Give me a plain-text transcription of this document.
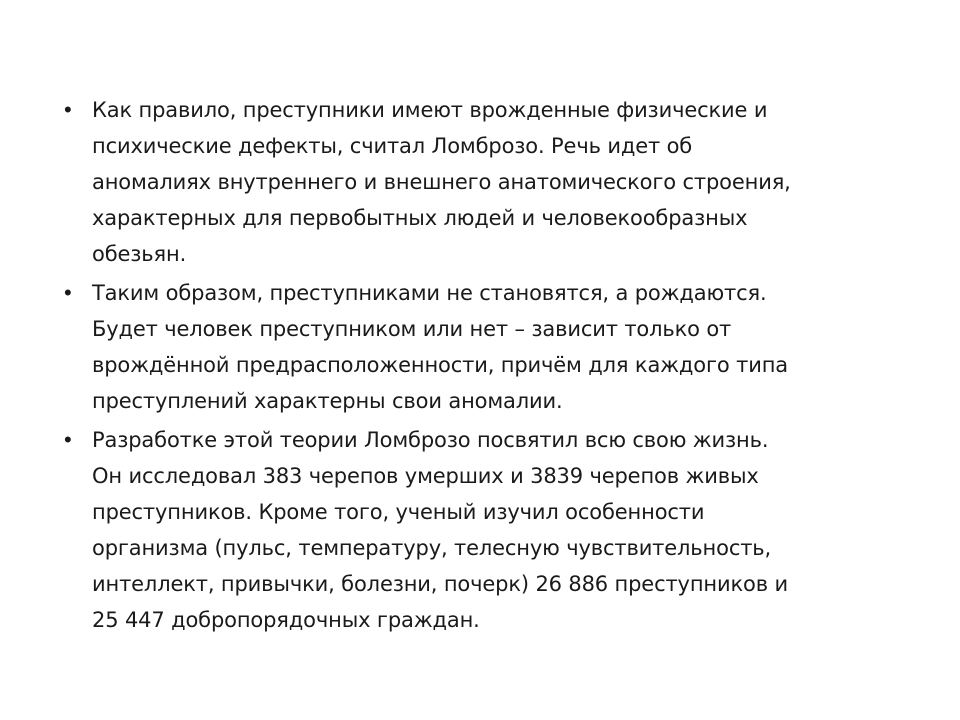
• Как правило, преступники имеют врожденные физические и
психические дефекты, считал Ломброзо. Речь идет об
аномалиях внутреннего и внешнего анатомического строения,
характерных для первобытных людей и человекообразных
обезьян.
• Таким образом, преступниками не становятся, а рождаются.
Будет человек преступником или нет – зависит только от
врождённой предрасположенности, причём для каждого типа
преступлений характерны свои аномалии.
• Разработке этой теории Ломброзо посвятил всю свою жизнь.
Он исследовал 383 черепов умерших и 3839 черепов живых
преступников. Кроме того, ученый изучил особенности
организма (пульс, температуру, телесную чувствительность,
интеллект, привычки, болезни, почерк) 26 886 преступников и
25 447 добропорядочных граждан.
